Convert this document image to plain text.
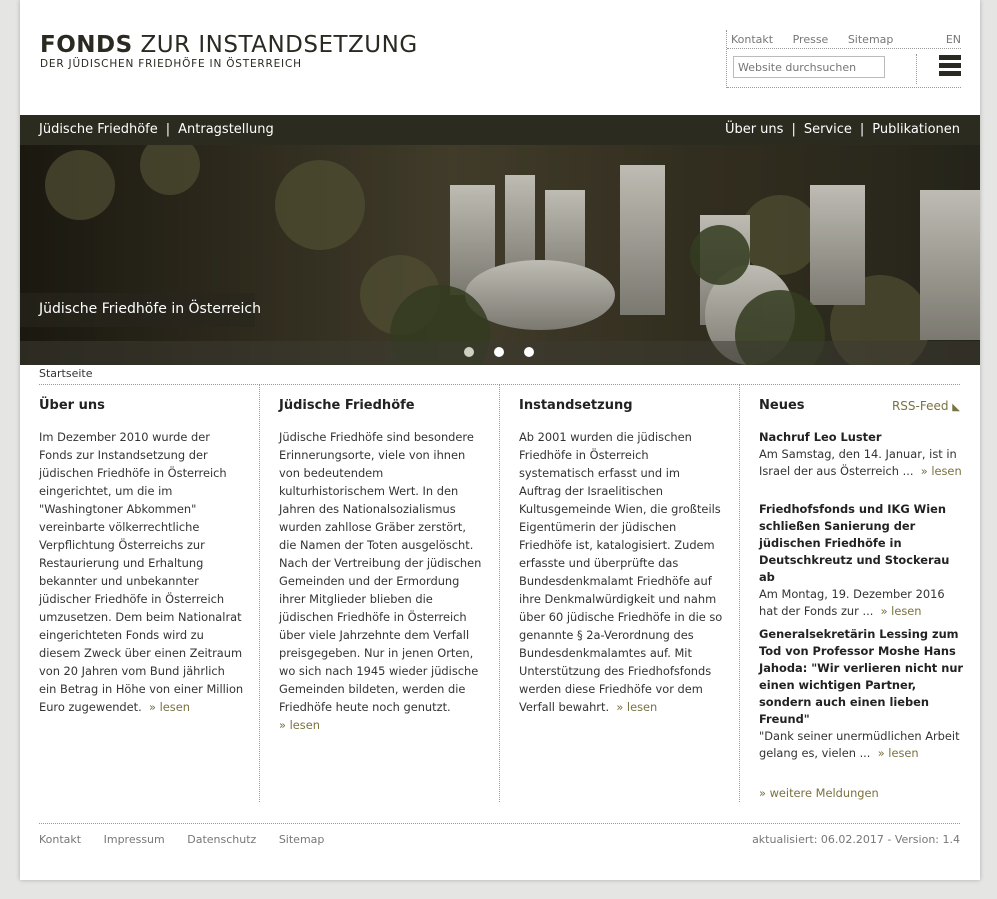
FONDS ZUR INSTANDSETZUNG
DER JÜDISCHEN FRIEDHÖFE IN ÖSTERREICH
Kontakt Presse Sitemap	EN
Website durchsuchen
Jüdische Friedhöfe | Antragstellung	Über uns | Service | Publikationen
Jüdische Friedhöfe in Österreich
Startseite
Über uns
Im Dezember 2010 wurde der Fonds zur Instandsetzung der jüdischen Friedhöfe in Österreich eingerichtet, um die im "Washingtoner Abkommen" vereinbarte völkerrechtliche Verpflichtung Österreichs zur Restaurierung und Erhaltung bekannter und unbekannter jüdischer Friedhöfe in Österreich umzusetzen. Dem beim Nationalrat eingerichteten Fonds wird zu diesem Zweck über einen Zeitraum von 20 Jahren vom Bund jährlich ein Betrag in Höhe von einer Million Euro zugewendet. » lesen
Jüdische Friedhöfe
Jüdische Friedhöfe sind besondere Erinnerungsorte, viele von ihnen von bedeutendem kulturhistorischem Wert. In den Jahren des Nationalsozialismus wurden zahllose Gräber zerstört, die Namen der Toten ausgelöscht. Nach der Vertreibung der jüdischen Gemeinden und der Ermordung ihrer Mitglieder blieben die jüdischen Friedhöfe in Österreich über viele Jahrzehnte dem Verfall preisgegeben. Nur in jenen Orten, wo sich nach 1945 wieder jüdische Gemeinden bildeten, werden die Friedhöfe heute noch genutzt.
» lesen
Instandsetzung
Ab 2001 wurden die jüdischen Friedhöfe in Österreich systematisch erfasst und im Auftrag der Israelitischen Kultusgemeinde Wien, die großteils Eigentümerin der jüdischen Friedhöfe ist, katalogisiert. Zudem erfasste und überprüfte das Bundesdenkmalamt Friedhöfe auf ihre Denkmalwürdigkeit und nahm über 60 jüdische Friedhöfe in die so genannte § 2a-Verordnung des Bundesdenkmalamtes auf. Mit Unterstützung des Friedhofsfonds werden diese Friedhöfe vor dem Verfall bewahrt. » lesen
Neues	RSS-Feed ◣
Nachruf Leo Luster
Am Samstag, den 14. Januar, ist in Israel der aus Österreich ... » lesen
Friedhofsfonds und IKG Wien schließen Sanierung der jüdischen Friedhöfe in Deutschkreutz und Stockerau ab
Am Montag, 19. Dezember 2016 hat der Fonds zur ... » lesen
Generalsekretärin Lessing zum Tod von Professor Moshe Hans Jahoda: "Wir verlieren nicht nur einen wichtigen Partner, sondern auch einen lieben Freund"
"Dank seiner unermüdlichen Arbeit gelang es, vielen ... » lesen
» weitere Meldungen
Kontakt Impressum Datenschutz Sitemap	aktualisiert: 06.02.2017 - Version: 1.4
